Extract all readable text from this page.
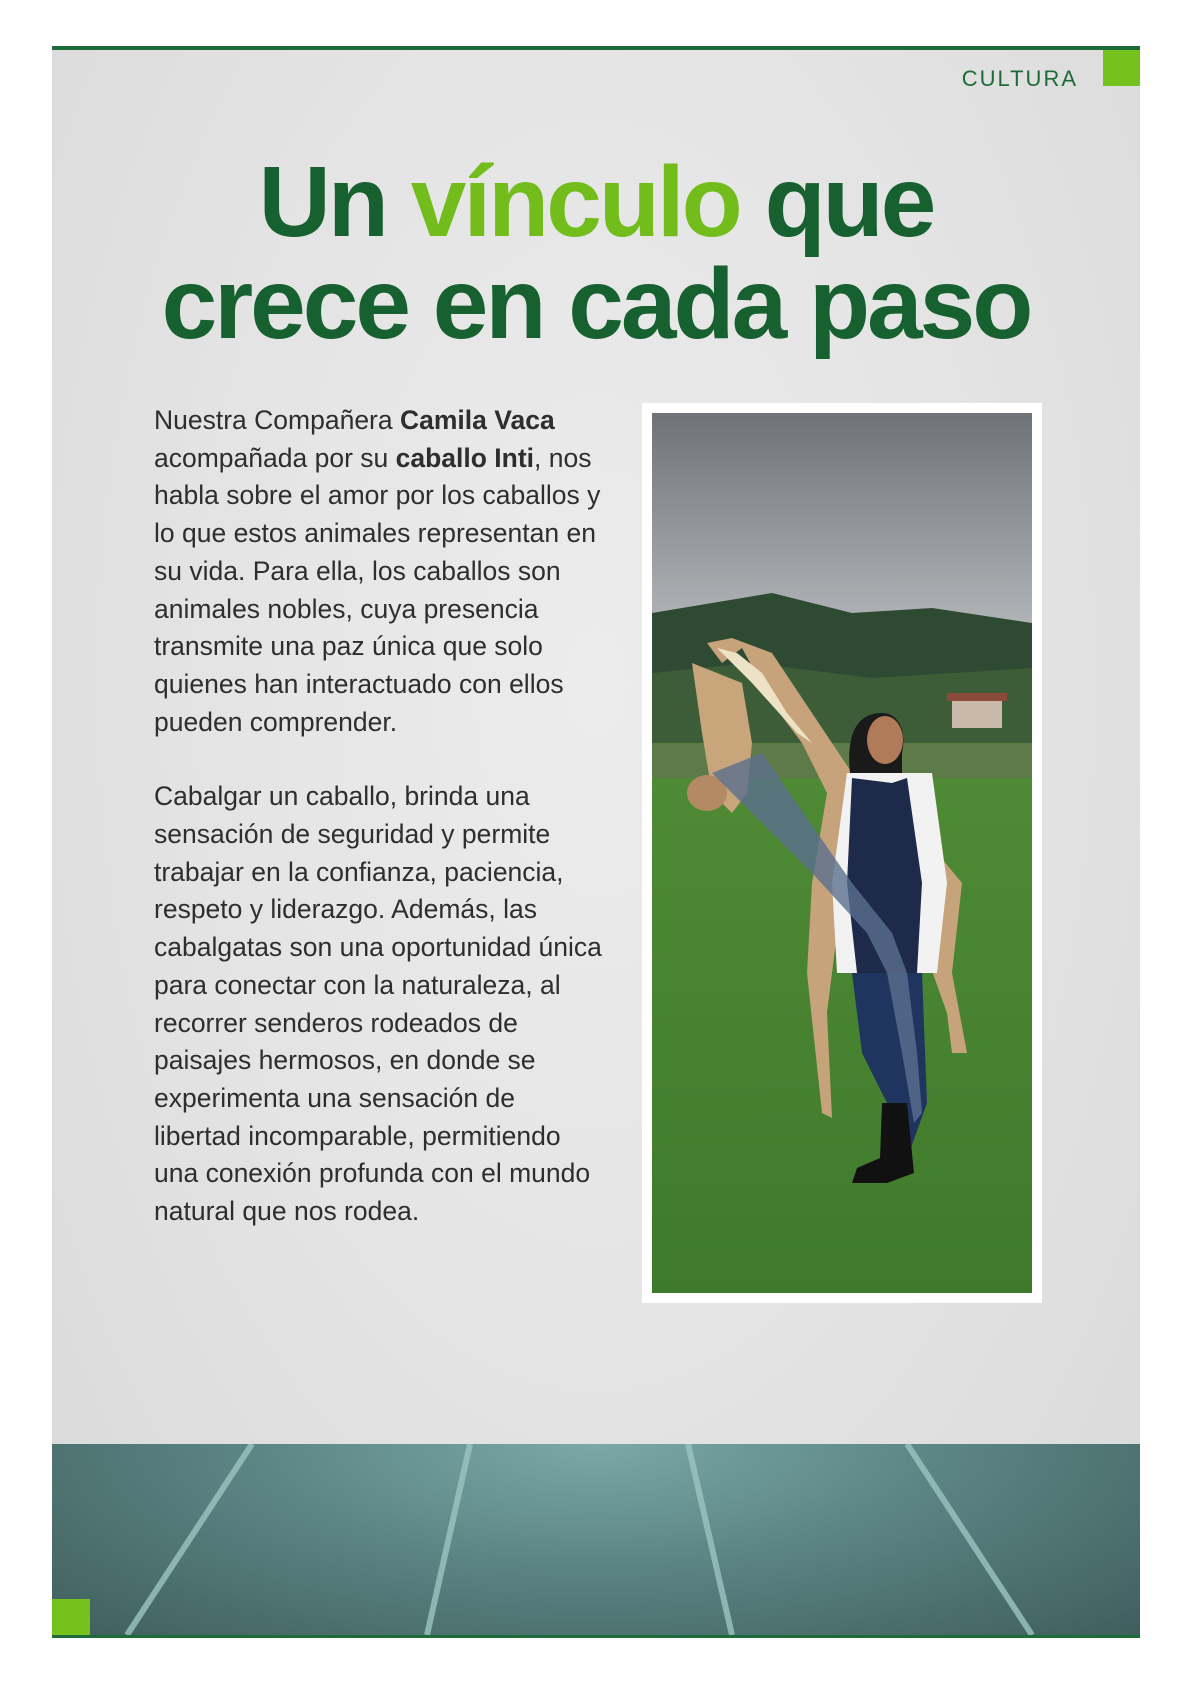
CULTURA
Un vínculo que
crece en cada paso

Nuestra Compañera Camila Vaca acompañada por su caballo Inti, nos habla sobre el amor por los caballos y lo que estos animales representan en su vida. Para ella, los caballos son animales nobles, cuya presencia transmite una paz única que solo quienes han interactuado con ellos pueden comprender.

Cabalgar un caballo, brinda una sensación de seguridad y permite trabajar en la confianza, paciencia, respeto y liderazgo. Además, las cabalgatas son una oportunidad única para conectar con la naturaleza, al recorrer senderos rodeados de paisajes hermosos, en donde se experimenta una sensación de libertad incomparable, permitiendo una conexión profunda con el mundo natural que nos rodea.
